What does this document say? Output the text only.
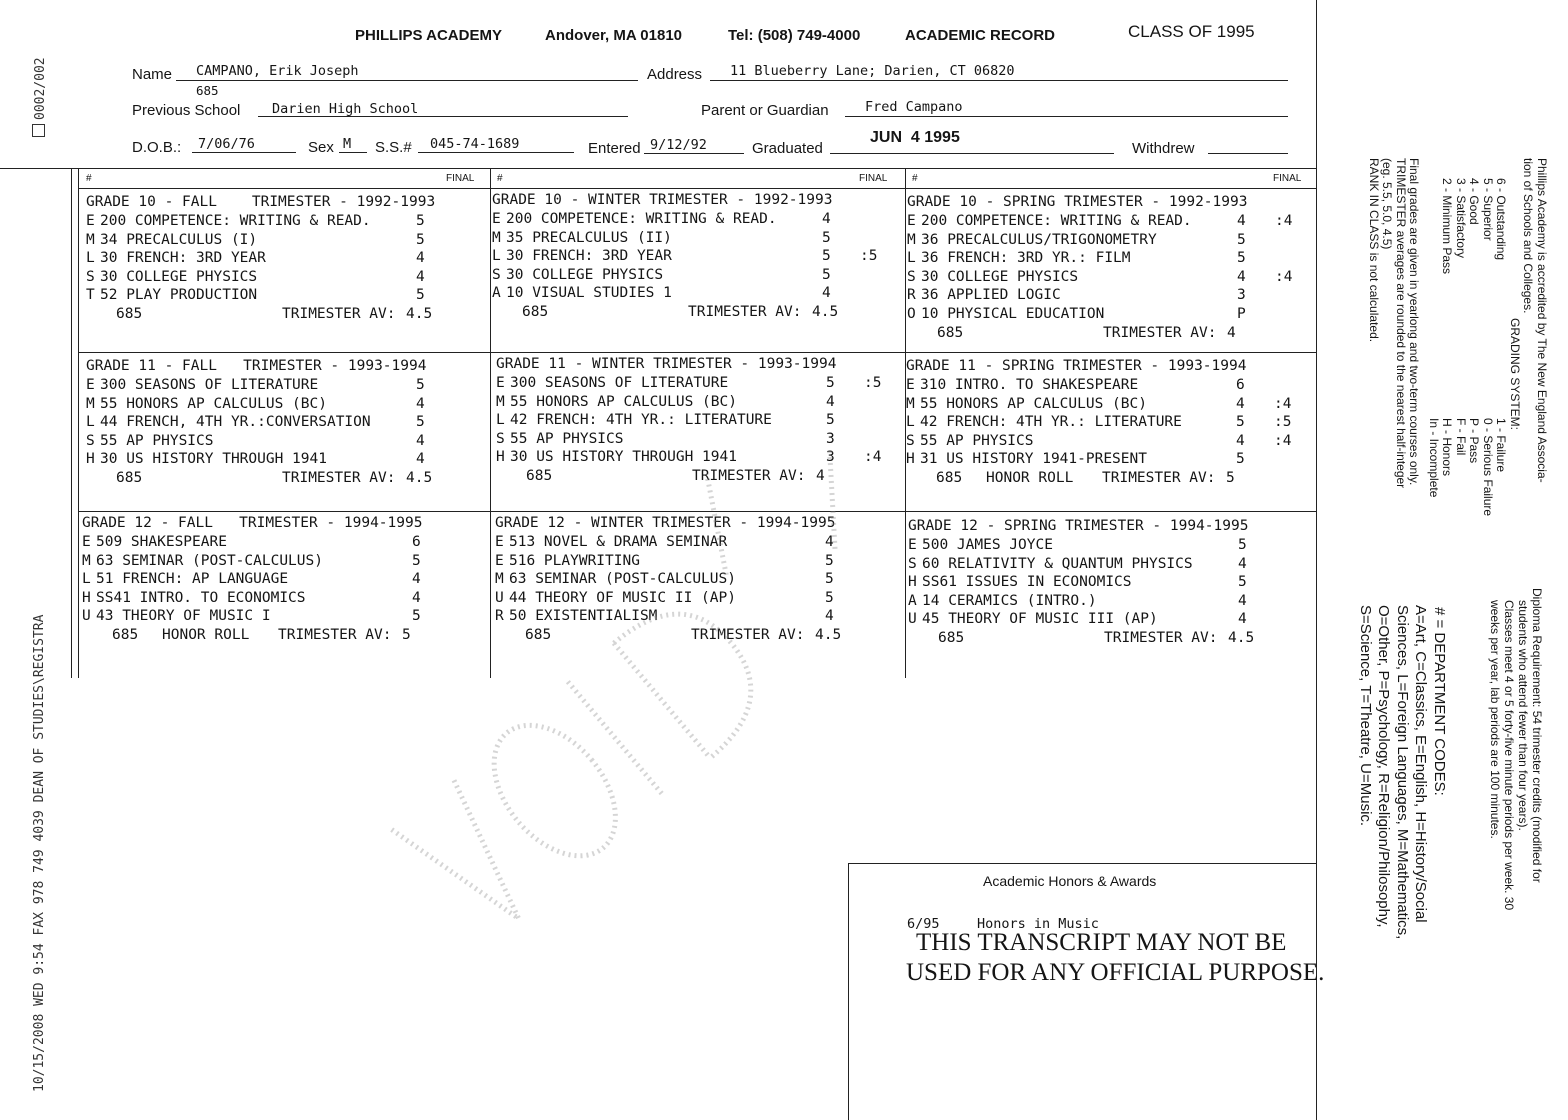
10/15/2008 WED 9:54 FAX 978 749 4039 DEAN OF STUDIES\REGISTRA
0002/002
PHILLIPS ACADEMY	Andover, MA 01810	Tel: (508) 749-4000	ACADEMIC RECORD	CLASS OF 1995
Name CAMPANO, Erik Joseph	Address 11 Blueberry Lane; Darien, CT 06820
685
Previous School Darien High School	Parent or Guardian	Fred Campano
D.O.B.: 7/06/76	Sex M S.S.# 045-74-1689	Entered 9/12/92	Graduated
JUN  4 1995
Withdrew
#	FINAL #	FINAL #	FINAL
GRADE 10 - FALL    TRIMESTER - 1992-1993
E 200 COMPETENCE: WRITING & READ.	5
M 34 PRECALCULUS (I)	5
L 30 FRENCH: 3RD YEAR	4
S 30 COLLEGE PHYSICS	4
T 52 PLAY PRODUCTION	5
685	TRIMESTER AV: 4.5
GRADE 10 - WINTER TRIMESTER - 1992-1993
E 200 COMPETENCE: WRITING & READ.	4
M 35 PRECALCULUS (II)	5
L 30 FRENCH: 3RD YEAR	5 :5
S 30 COLLEGE PHYSICS	5
A 10 VISUAL STUDIES 1	4
685	TRIMESTER AV: 4.5
GRADE 10 - SPRING TRIMESTER - 1992-1993
E 200 COMPETENCE: WRITING & READ.	4 :4
M 36 PRECALCULUS/TRIGONOMETRY	5
L 36 FRENCH: 3RD YR.: FILM	5
S 30 COLLEGE PHYSICS	4 :4
R 36 APPLIED LOGIC	3
O 10 PHYSICAL EDUCATION	P
685	TRIMESTER AV: 4
GRADE 11 - FALL   TRIMESTER - 1993-1994
E 300 SEASONS OF LITERATURE	5
M 55 HONORS AP CALCULUS (BC)	4
L 44 FRENCH, 4TH YR.:CONVERSATION	5
S 55 AP PHYSICS	4
H 30 US HISTORY THROUGH 1941	4
685	TRIMESTER AV: 4.5
GRADE 11 - WINTER TRIMESTER - 1993-1994
E 300 SEASONS OF LITERATURE	5 :5
M 55 HONORS AP CALCULUS (BC)	4
L 42 FRENCH: 4TH YR.: LITERATURE	5
S 55 AP PHYSICS	3
H 30 US HISTORY THROUGH 1941	3 :4
685	TRIMESTER AV: 4
GRADE 11 - SPRING TRIMESTER - 1993-1994
E 310 INTRO. TO SHAKESPEARE	6
M 55 HONORS AP CALCULUS (BC)	4 :4
L 42 FRENCH: 4TH YR.: LITERATURE	5 :5
S 55 AP PHYSICS	4 :4
H 31 US HISTORY 1941-PRESENT	5
685 HONOR ROLL TRIMESTER AV: 5
GRADE 12 - FALL   TRIMESTER - 1994-1995
E 509 SHAKESPEARE	6
M 63 SEMINAR (POST-CALCULUS)	5
L 51 FRENCH: AP LANGUAGE	4
H SS41 INTRO. TO ECONOMICS	4
U 43 THEORY OF MUSIC I	5
685 HONOR ROLL TRIMESTER AV: 5
GRADE 12 - WINTER TRIMESTER - 1994-1995
E 513 NOVEL & DRAMA SEMINAR	4
E 516 PLAYWRITING	5
M 63 SEMINAR (POST-CALCULUS)	5
U 44 THEORY OF MUSIC II (AP)	5
R 50 EXISTENTIALISM	4
685	TRIMESTER AV: 4.5
GRADE 12 - SPRING TRIMESTER - 1994-1995
E 500 JAMES JOYCE	5
S 60 RELATIVITY & QUANTUM PHYSICS	4
H SS61 ISSUES IN ECONOMICS	5
A 14 CERAMICS (INTRO.)	4
U 45 THEORY OF MUSIC III (AP)	4
685	TRIMESTER AV: 4.5
Academic Honors & Awards
6/95	Honors in Music
THIS TRANSCRIPT MAY NOT BE
USED FOR ANY OFFICIAL PURPOSE.
Phillips Academy is accredited by The New England Associa-
tion of Schools and Colleges.
GRADING SYSTEM:
6 - Outstanding
1 - Failure
5 - Superior
0 - Serious Failure
4 - Good
P - Pass
3 - Satisfactory
F - Fail
2 - Minimum Pass
H - Honors
In - Incomplete
Final grades are given in yearlong and two-term courses only.
TRIMESTER averages are rounded to the nearest half-integer
(eg. 5.5, 5.0, 4.5)
RANK IN CLASS is not calculated.
Diploma Requirement: 54 trimester credits (modified for
students who attend fewer than four years).
Classes meet 4 or 5 forty-five minute periods per week. 30
weeks per year, lab periods are 100 minutes.
# = DEPARTMENT CODES:
A=Art, C=Classics, E=English, H=History/Social
Sciences, L=Foreign Languages, M=Mathematics,
O=Other, P=Psychology, R=Religion/Philosophy,
S=Science, T=Theatre, U=Music.
